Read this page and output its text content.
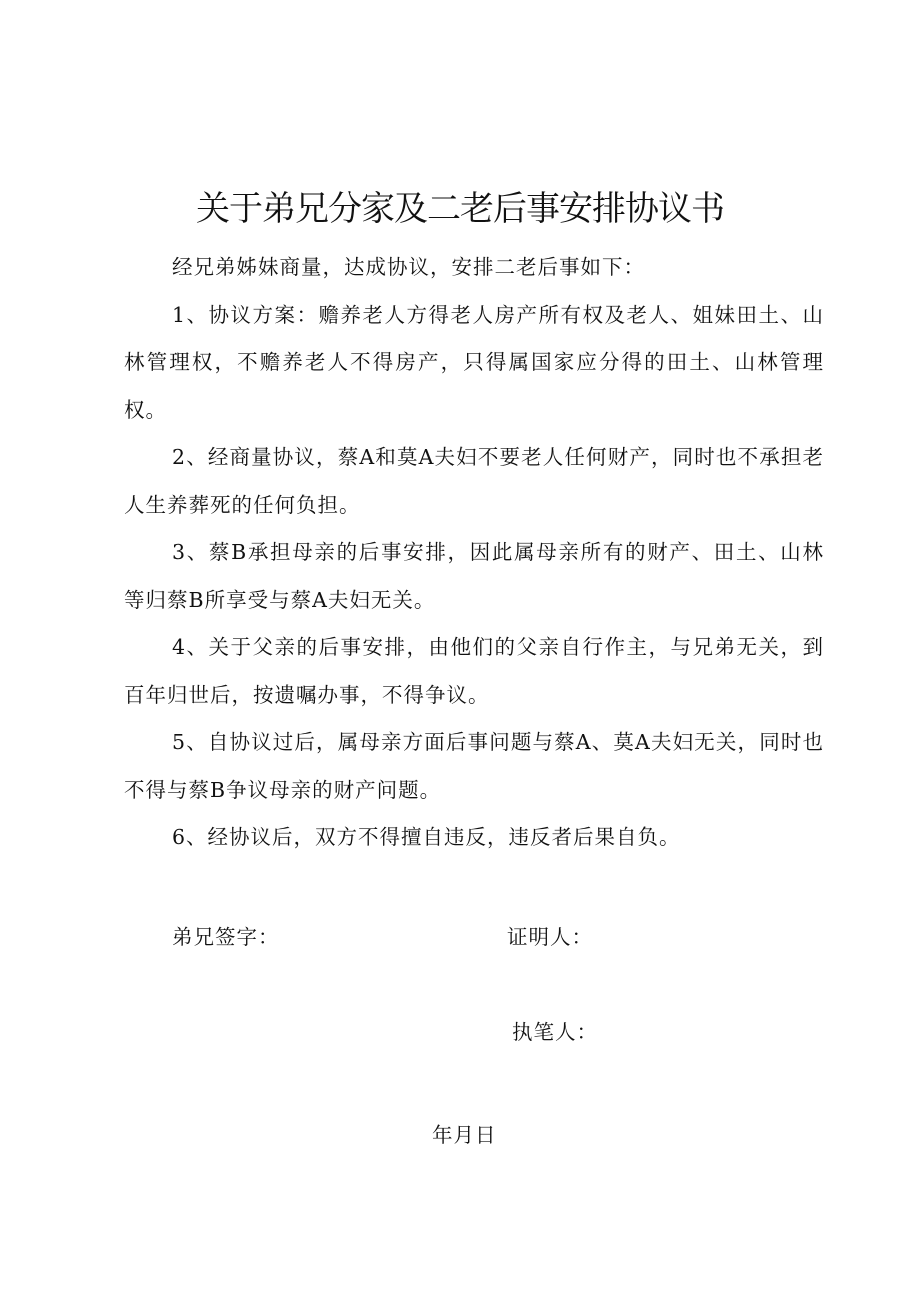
关于弟兄分家及二老后事安排协议书

经兄弟姊妹商量，达成协议，安排二老后事如下：

1、协议方案：赡养老人方得老人房产所有权及老人、姐妹田土、山林管理权，不赡养老人不得房产，只得属国家应分得的田土、山林管理权。

2、经商量协议，蔡A和莫A夫妇不要老人任何财产，同时也不承担老人生养葬死的任何负担。

3、蔡B承担母亲的后事安排，因此属母亲所有的财产、田土、山林等归蔡B所享受与蔡A夫妇无关。

4、关于父亲的后事安排，由他们的父亲自行作主，与兄弟无关，到百年归世后，按遗嘱办事，不得争议。

5、自协议过后，属母亲方面后事问题与蔡A、莫A夫妇无关，同时也不得与蔡B争议母亲的财产问题。

6、经协议后，双方不得擅自违反，违反者后果自负。

弟兄签字：	证明人：
执笔人：
年月日
